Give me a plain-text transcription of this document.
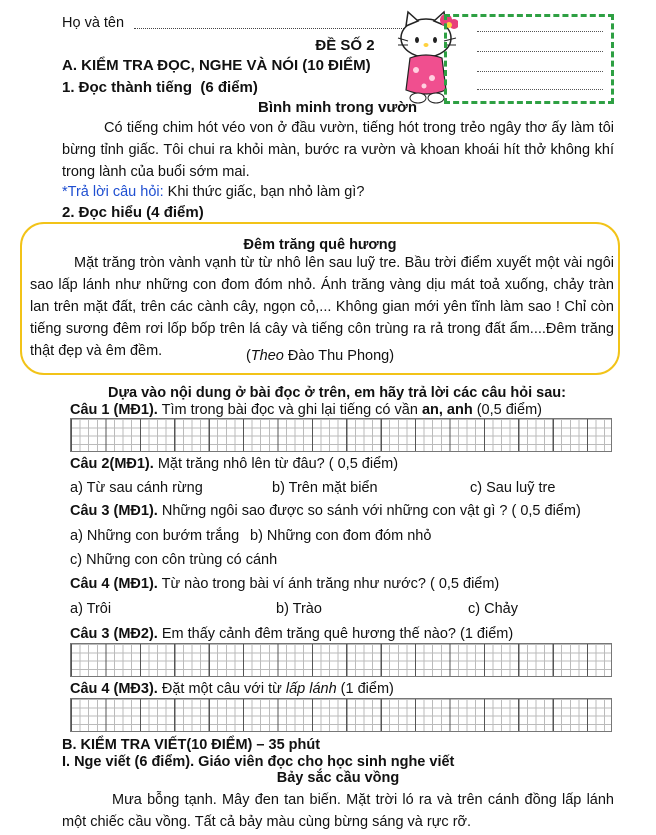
Họ và tên
ĐỀ SỐ 2
A. KIỂM TRA ĐỌC, NGHE VÀ NÓI (10 ĐIỂM)
1. Đọc thành tiếng (6 điểm)
Bình minh trong vườn
Có tiếng chim hót véo von ở đầu vườn, tiếng hót trong trẻo ngây thơ ấy làm tôi bừng tỉnh giấc. Tôi chui ra khỏi màn, bước ra vườn và khoan khoái hít thở không khí trong lành của buổi sớm mai.
*Trả lời câu hỏi: Khi thức giấc, bạn nhỏ làm gì?
2. Đọc hiểu (4 điểm)
Đêm trăng quê hương
Mặt trăng tròn vành vạnh từ từ nhô lên sau luỹ tre. Bầu trời điểm xuyết một vài ngôi sao lấp lánh như những con đom đóm nhỏ. Ánh trăng vàng dịu mát toả xuống, chảy tràn lan trên mặt đất, trên các cành cây, ngọn cỏ,... Không gian mới yên tĩnh làm sao ! Chỉ còn tiếng sương đêm rơi lốp bốp trên lá cây và tiếng côn trùng ra rả trong đất ẩm....Đêm trăng thật đẹp và êm đềm.	(Theo Đào Thu Phong)
Dựa vào nội dung ở bài đọc ở trên, em hãy trả lời các câu hỏi sau:
Câu 1 (MĐ1). Tìm trong bài đọc và ghi lại tiếng có vần an, anh (0,5 điểm)
Câu 2(MĐ1). Mặt trăng nhô lên từ đâu? ( 0,5 điểm)
a) Từ sau cánh rừng	b) Trên mặt biển	c) Sau luỹ tre
Câu 3 (MĐ1). Những ngôi sao được so sánh với những con vật gì ? ( 0,5 điểm)
a) Những con bướm trắng b) Những con đom đóm nhỏ
c) Những con côn trùng có cánh
Câu 4 (MĐ1). Từ nào trong bài ví ánh trăng như nước? ( 0,5 điểm)
a) Trôi	b) Trào	c) Chảy
Câu 3 (MĐ2). Em thấy cảnh đêm trăng quê hương thế nào? (1 điểm)
Câu 4 (MĐ3). Đặt một câu với từ lấp lánh (1 điểm)
B. KIỂM TRA VIẾT(10 ĐIỂM) – 35 phút
I. Nge viết (6 điểm). Giáo viên đọc cho học sinh nghe viết
Bảy sắc cầu vồng
Mưa bỗng tạnh. Mây đen tan biến. Mặt trời ló ra và trên cánh đồng lấp lánh một chiếc cầu vồng. Tất cả bảy màu cùng bừng sáng và rực rỡ.
